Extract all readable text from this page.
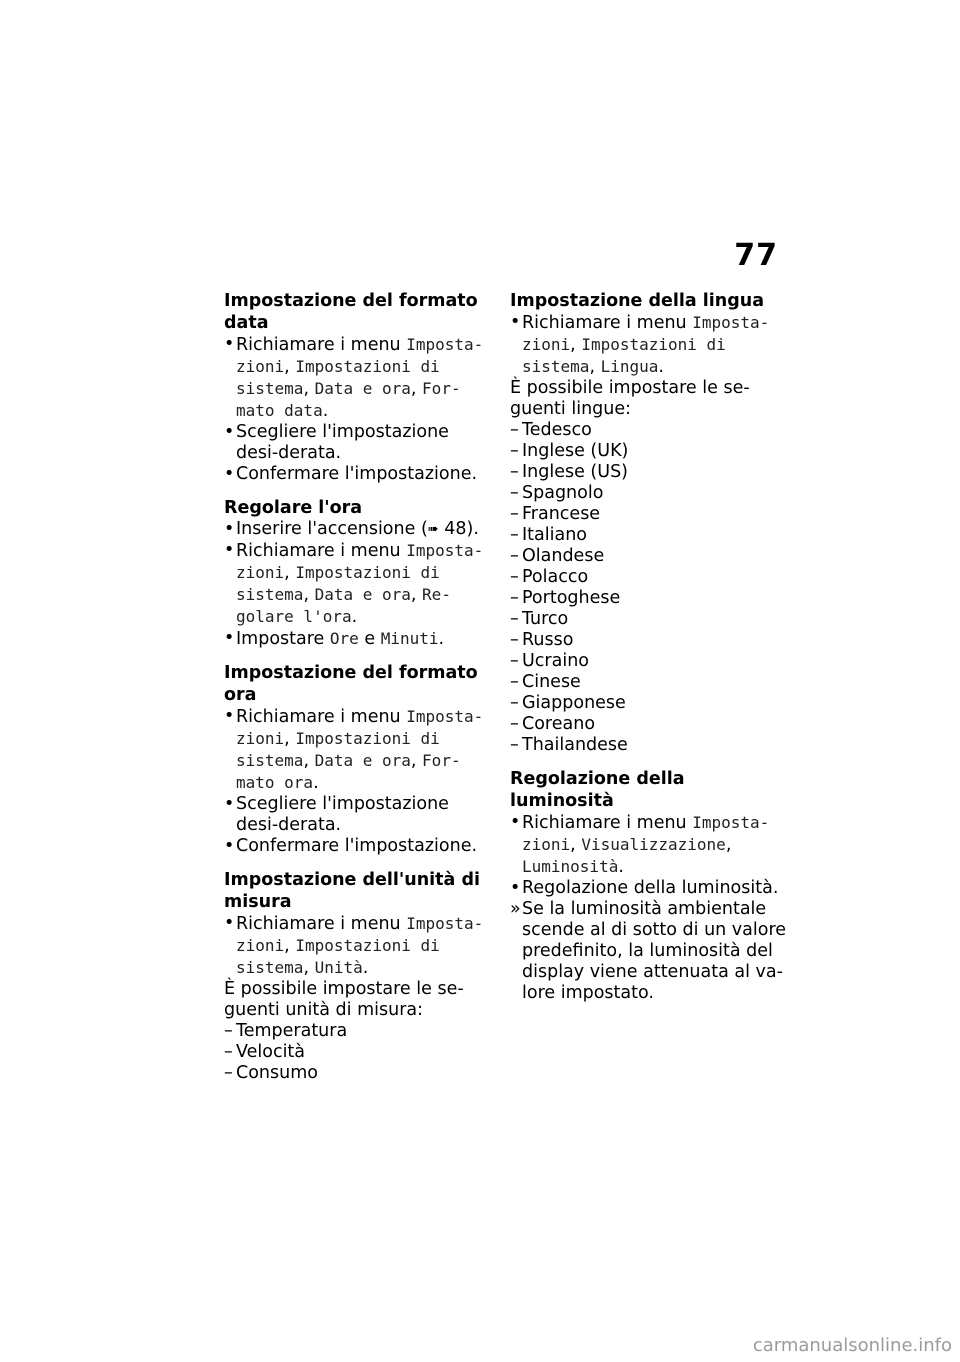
77
Impostazione del formato data

• Richiamare i menu Imposta-zioni, Impostazioni di sistema, Data e ora, For-mato data.

• Scegliere l'impostazione desi-derata.

• Confermare l'impostazione.

Regolare l'ora

• Inserire l'accensione (➠ 48).

• Richiamare i menu Imposta-zioni, Impostazioni di sistema, Data e ora, Re-golare l'ora.

• Impostare Ore e Minuti.

Impostazione del formato ora

• Richiamare i menu Imposta-zioni, Impostazioni di sistema, Data e ora, For-mato ora.

• Scegliere l'impostazione desi-derata.

• Confermare l'impostazione.

Impostazione dell'unità di misura

• Richiamare i menu Imposta-zioni, Impostazioni di sistema, Unità.

È possibile impostare le se-guenti unità di misura:

– Temperatura

– Velocità

– Consumo

Impostazione della lingua

• Richiamare i menu Imposta-zioni, Impostazioni di sistema, Lingua.

È possibile impostare le se-guenti lingue:

– Tedesco

– Inglese (UK)

– Inglese (US)

– Spagnolo

– Francese

– Italiano

– Olandese

– Polacco

– Portoghese

– Turco

– Russo

– Ucraino

– Cinese

– Giapponese

– Coreano

– Thailandese

Regolazione della luminosità

• Richiamare i menu Imposta-zioni, Visualizzazione, Luminosità.

• Regolazione della luminosità.

» Se la luminosità ambientale scende al di sotto di un valore predefinito, la luminosità del display viene attenuata al va-lore impostato.

carmanualsonline.info
